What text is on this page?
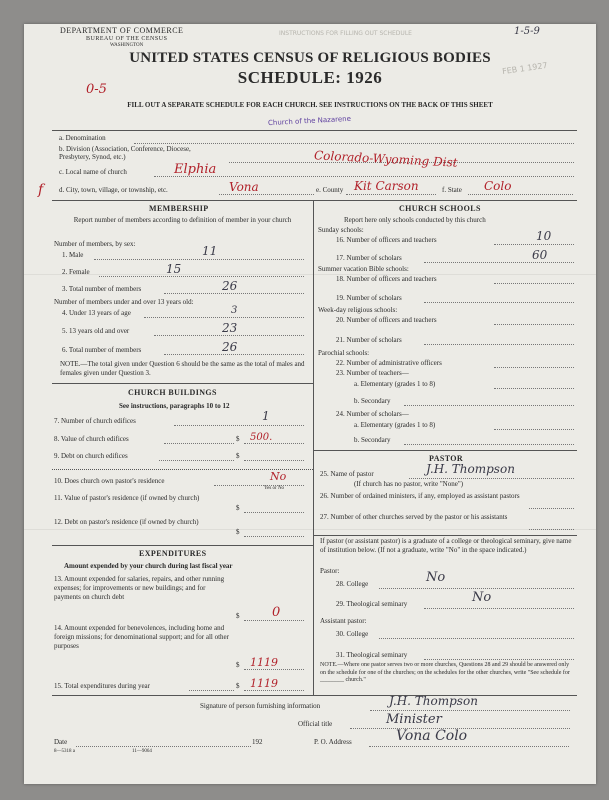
DEPARTMENT OF COMMERCE
BUREAU OF THE CENSUS
WASHINGTON
INSTRUCTIONS FOR FILLING OUT SCHEDULE
FEB 1 1927
1-5-9
UNITED STATES CENSUS OF RELIGIOUS BODIES
SCHEDULE: 1926
0-5
FILL OUT A SEPARATE SCHEDULE FOR EACH CHURCH. SEE INSTRUCTIONS ON THE BACK OF THIS SHEET
Church of the Nazarene
a. Denomination
b. Division (Association, Conference, Diocese, Presbytery, Synod, etc.)	Colorado-Wyoming Dist
c. Local name of church	Elphia
f d. City, town, village, or township, etc.	Vona	e. County Kit Carson	f. State Colo
MEMBERSHIP
Report number of members according to definition of member in your church
Number of members, by sex:
1. Male	11
2. Female	15
3. Total number of members	26
Number of members under and over 13 years old:
4. Under 13 years of age	3
5. 13 years old and over	23
6. Total number of members	26
NOTE.—The total given under Question 6 should be the same as the total of males and females given under Question 3.
CHURCH BUILDINGS
See instructions, paragraphs 10 to 12
7. Number of church edifices	1
8. Value of church edifices	$ 500.
9. Debt on church edifices	$
10. Does church own pastor's residence	No
Yes or No
11. Value of pastor's residence (if owned by church)
$
12. Debt on pastor's residence (if owned by church)
$
EXPENDITURES
Amount expended by your church during last fiscal year
13. Amount expended for salaries, repairs, and other running expenses; for improvements or new buildings; and for payments on church debt
$	0
14. Amount expended for benevolences, including home and foreign missions; for denominational support; and for all other purposes
$ 1119
15. Total expenditures during year	$ 1119
CHURCH SCHOOLS
Report here only schools conducted by this church
Sunday schools:
16. Number of officers and teachers	10
17. Number of scholars	60
Summer vacation Bible schools:
18. Number of officers and teachers
19. Number of scholars
Week-day religious schools:
20. Number of officers and teachers
21. Number of scholars
Parochial schools:
22. Number of administrative officers
23. Number of teachers—
a. Elementary (grades 1 to 8)
b. Secondary
24. Number of scholars—
a. Elementary (grades 1 to 8)
b. Secondary
PASTOR
25. Name of pastor	J.H. Thompson
(If church has no pastor, write "None")
26. Number of ordained ministers, if any, employed as assistant pastors
27. Number of other churches served by the pastor or his assistants
If pastor (or assistant pastor) is a graduate of a college or theological seminary, give name of institution below. (If not a graduate, write "No" in the space indicated.)
Pastor:
28. College	No
29. Theological seminary	No
Assistant pastor:
30. College
31. Theological seminary
NOTE.—Where one pastor serves two or more churches, Questions 28 and 29 should be answered only on the schedule for one of the churches; on the schedules for the other churches, write "See schedule for ________ church."
Signature of person furnishing information	J.H. Thompson
Official title	Minister
Date	192	P. O. Address	Vona Colo
8—5318 a	11—9064
